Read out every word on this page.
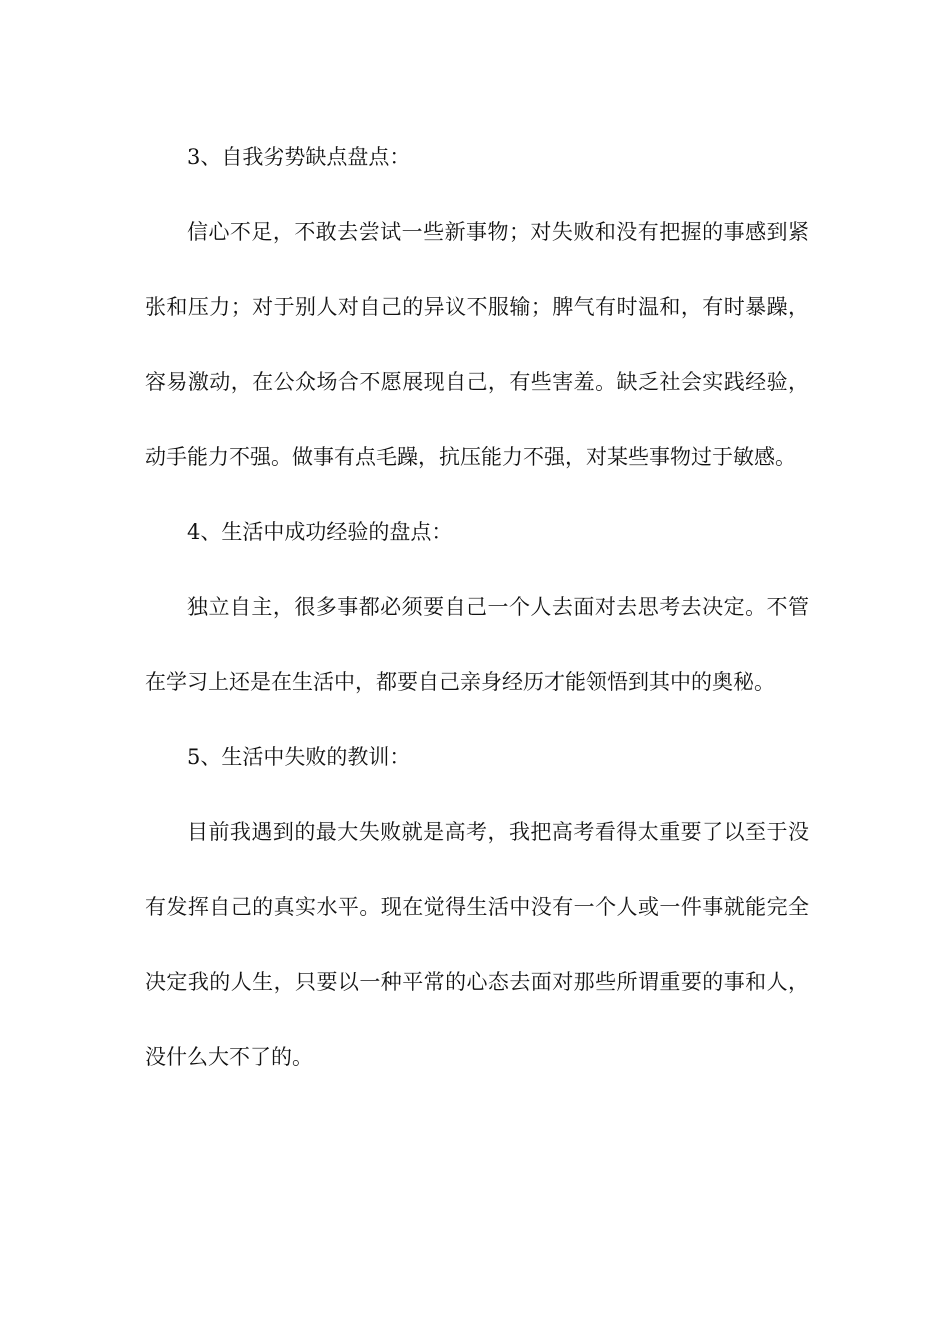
3、自我劣势缺点盘点：

信心不足，不敢去尝试一些新事物；对失败和没有把握的事感到紧张和压力；对于别人对自己的异议不服输；脾气有时温和，有时暴躁，容易激动，在公众场合不愿展现自己，有些害羞。缺乏社会实践经验，动手能力不强。做事有点毛躁，抗压能力不强，对某些事物过于敏感。

4、生活中成功经验的盘点：

独立自主，很多事都必须要自己一个人去面对去思考去决定。不管在学习上还是在生活中，都要自己亲身经历才能领悟到其中的奥秘。

5、生活中失败的教训：

目前我遇到的最大失败就是高考，我把高考看得太重要了以至于没有发挥自己的真实水平。现在觉得生活中没有一个人或一件事就能完全决定我的人生，只要以一种平常的心态去面对那些所谓重要的事和人，没什么大不了的。
